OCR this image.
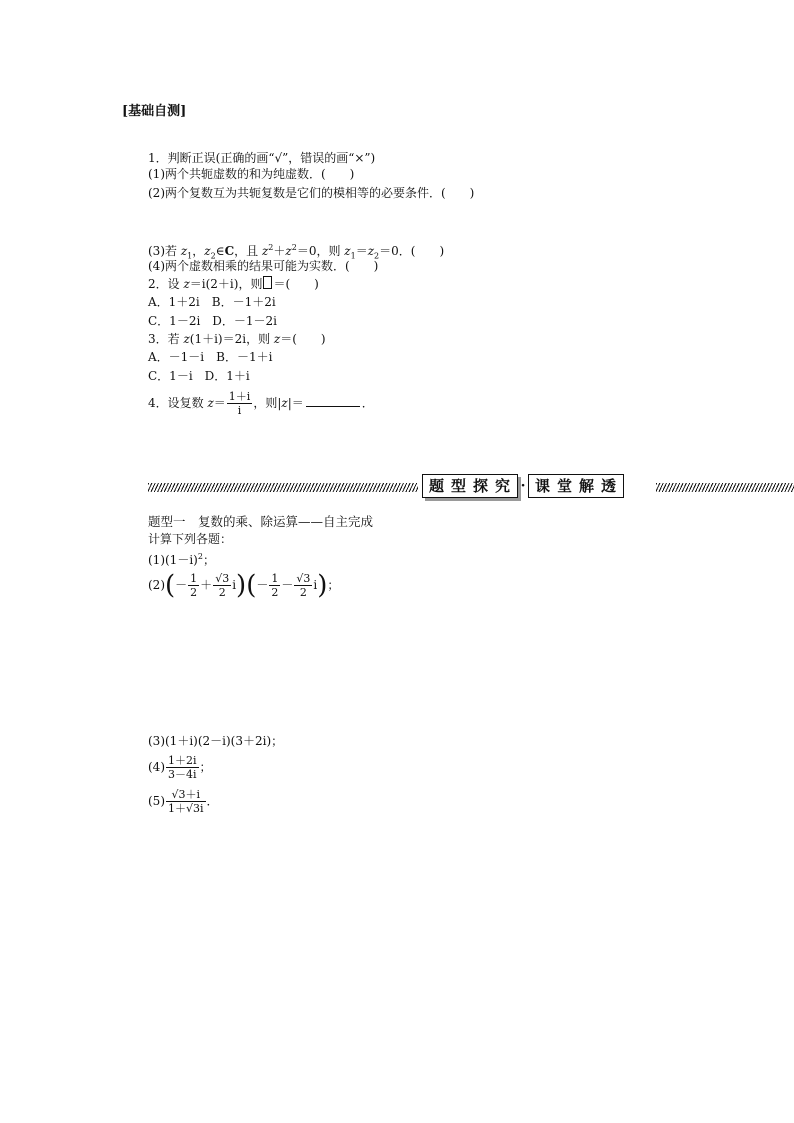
[基础自测]
1．判断正误(正确的画“√”，错误的画“×”)
(1)两个共轭虚数的和为纯虚数．(　　)
(2)两个复数互为共轭复数是它们的模相等的必要条件．(　　)
(3)若 $z_1$，$z_2\in C$，且 $z^2+z^2=0$，则 $z_1=z_2=0$．(　　)
(4)两个虚数相乘的结果可能为实数．(　　)
2．设 z＝i(2＋i)，则 ＝(　　)
A．1＋2i　B．－1＋2i
C．1－2i　D．－1－2i
3．若 z(1＋i)＝2i，则 z＝(　　)
A．－1－i　B．－1＋i
C．1－i　D．1＋i
4．设复数 $z= \frac{1+i}{i}$ ，则|z|＝	．
题型探究 · 课堂解透
题型一　复数的乘、除运算——自主完成
计算下列各题：
$(1)(1-i)^2$；
$(2)(- \frac{1}{2} + \frac{√3}{2} i)(- \frac{1}{2} - \frac{√3}{2} i)$；
(3)(1＋i)(2－i)(3＋2i)；
$(4) \frac{1+2i}{3-4i}$ ；
$(5) \frac{√3+i}{1+√3i}$ ．
